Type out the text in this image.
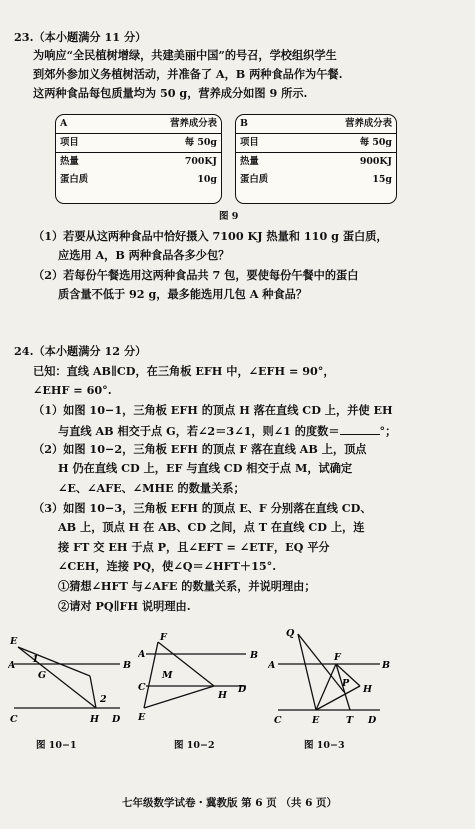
23.（本小题满分 11 分）
为响应“全民植树增绿，共建美丽中国”的号召，学校组织学生
到郊外参加义务植树活动，并准备了 A，B 两种食品作为午餐.
这两种食品每包质量均为 50 g，营养成分如图 9 所示.
A	营养成分表
项目	每 50g
热量	700KJ
蛋白质	10g
B	营养成分表
项目	每 50g
热量	900KJ
蛋白质	15g
图 9
（1）若要从这两种食品中恰好摄入 7100 KJ 热量和 110 g 蛋白质，
应选用 A，B 两种食品各多少包？
（2）若每份午餐选用这两种食品共 7 包，要使每份午餐中的蛋白
质含量不低于 92 g，最多能选用几包 A 种食品？
24.（本小题满分 12 分）
已知：直线 AB∥CD，在三角板 EFH 中，∠EFH = 90°，
∠EHF = 60°.
（1）如图 10−1，三角板 EFH 的顶点 H 落在直线 CD 上，并使 EH
与直线 AB 相交于点 G，若∠2＝3∠1，则∠1 的度数＝	°；
（2）如图 10−2，三角板 EFH 的顶点 F 落在直线 AB 上，顶点
H 仍在直线 CD 上，EF 与直线 CD 相交于点 M，试确定
∠E、∠AFE、∠MHE 的数量关系；
（3）如图 10−3，三角板 EFH 的顶点 E、F 分别落在直线 CD、
AB 上，顶点 H 在 AB、CD 之间，点 T 在直线 CD 上，连
接 FT 交 EH 于点 P，且∠EFT = ∠ETF，EQ 平分
∠CEH，连接 PQ，使∠Q＝∠HFT＋15°.
①猜想∠HFT 与∠AFE 的数量关系，并说明理由；
②请对 PQ∥FH 说明理由.
E
A	B
1
G
C
2
H D
图 10−1
A	B
F
M
C
H
D
E
图 10−2
Q
A
F
B
P
H
C	E	T D
图 10−3
七年级数学试卷・冀教版 第 6 页 （共 6 页）
